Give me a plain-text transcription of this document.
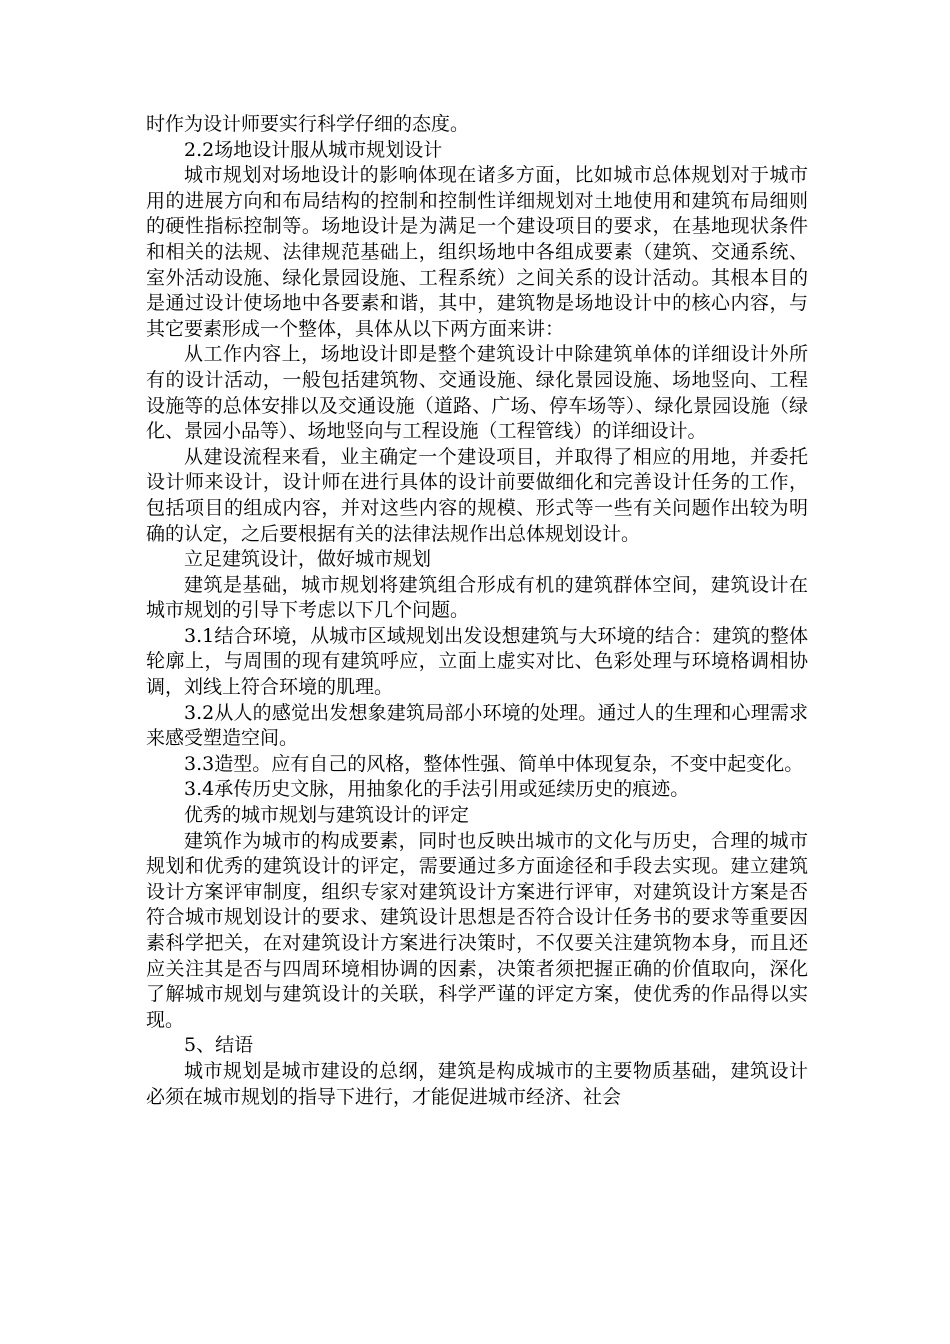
时作为设计师要实行科学仔细的态度。

2.2场地设计服从城市规划设计

城市规划对场地设计的影响体现在诸多方面，比如城市总体规划对于城市用的进展方向和布局结构的控制和控制性详细规划对土地使用和建筑布局细则的硬性指标控制等。场地设计是为满足一个建设项目的要求，在基地现状条件和相关的法规、法律规范基础上，组织场地中各组成要素（建筑、交通系统、室外活动设施、绿化景园设施、工程系统）之间关系的设计活动。其根本目的是通过设计使场地中各要素和谐，其中，建筑物是场地设计中的核心内容，与其它要素形成一个整体，具体从以下两方面来讲：

从工作内容上，场地设计即是整个建筑设计中除建筑单体的详细设计外所有的设计活动，一般包括建筑物、交通设施、绿化景园设施、场地竖向、工程设施等的总体安排以及交通设施（道路、广场、停车场等）、绿化景园设施（绿化、景园小品等）、场地竖向与工程设施（工程管线）的详细设计。

从建设流程来看，业主确定一个建设项目，并取得了相应的用地，并委托设计师来设计，设计师在进行具体的设计前要做细化和完善设计任务的工作，包括项目的组成内容，并对这些内容的规模、形式等一些有关问题作出较为明确的认定，之后要根据有关的法律法规作出总体规划设计。

立足建筑设计，做好城市规划

建筑是基础，城市规划将建筑组合形成有机的建筑群体空间，建筑设计在城市规划的引导下考虑以下几个问题。

3.1结合环境，从城市区域规划出发设想建筑与大环境的结合：建筑的整体轮廓上，与周围的现有建筑呼应，立面上虚实对比、色彩处理与环境格调相协调，刘线上符合环境的肌理。

3.2从人的感觉出发想象建筑局部小环境的处理。通过人的生理和心理需求来感受塑造空间。

3.3造型。应有自己的风格，整体性强、简单中体现复杂，不变中起变化。

3.4承传历史文脉，用抽象化的手法引用或延续历史的痕迹。

优秀的城市规划与建筑设计的评定

建筑作为城市的构成要素，同时也反映出城市的文化与历史，合理的城市规划和优秀的建筑设计的评定，需要通过多方面途径和手段去实现。建立建筑设计方案评审制度，组织专家对建筑设计方案进行评审，对建筑设计方案是否符合城市规划设计的要求、建筑设计思想是否符合设计任务书的要求等重要因素科学把关，在对建筑设计方案进行决策时，不仅要关注建筑物本身，而且还应关注其是否与四周环境相协调的因素，决策者须把握正确的价值取向，深化了解城市规划与建筑设计的关联，科学严谨的评定方案，使优秀的作品得以实现。

5、结语

城市规划是城市建设的总纲，建筑是构成城市的主要物质基础，建筑设计必须在城市规划的指导下进行，才能促进城市经济、社会
